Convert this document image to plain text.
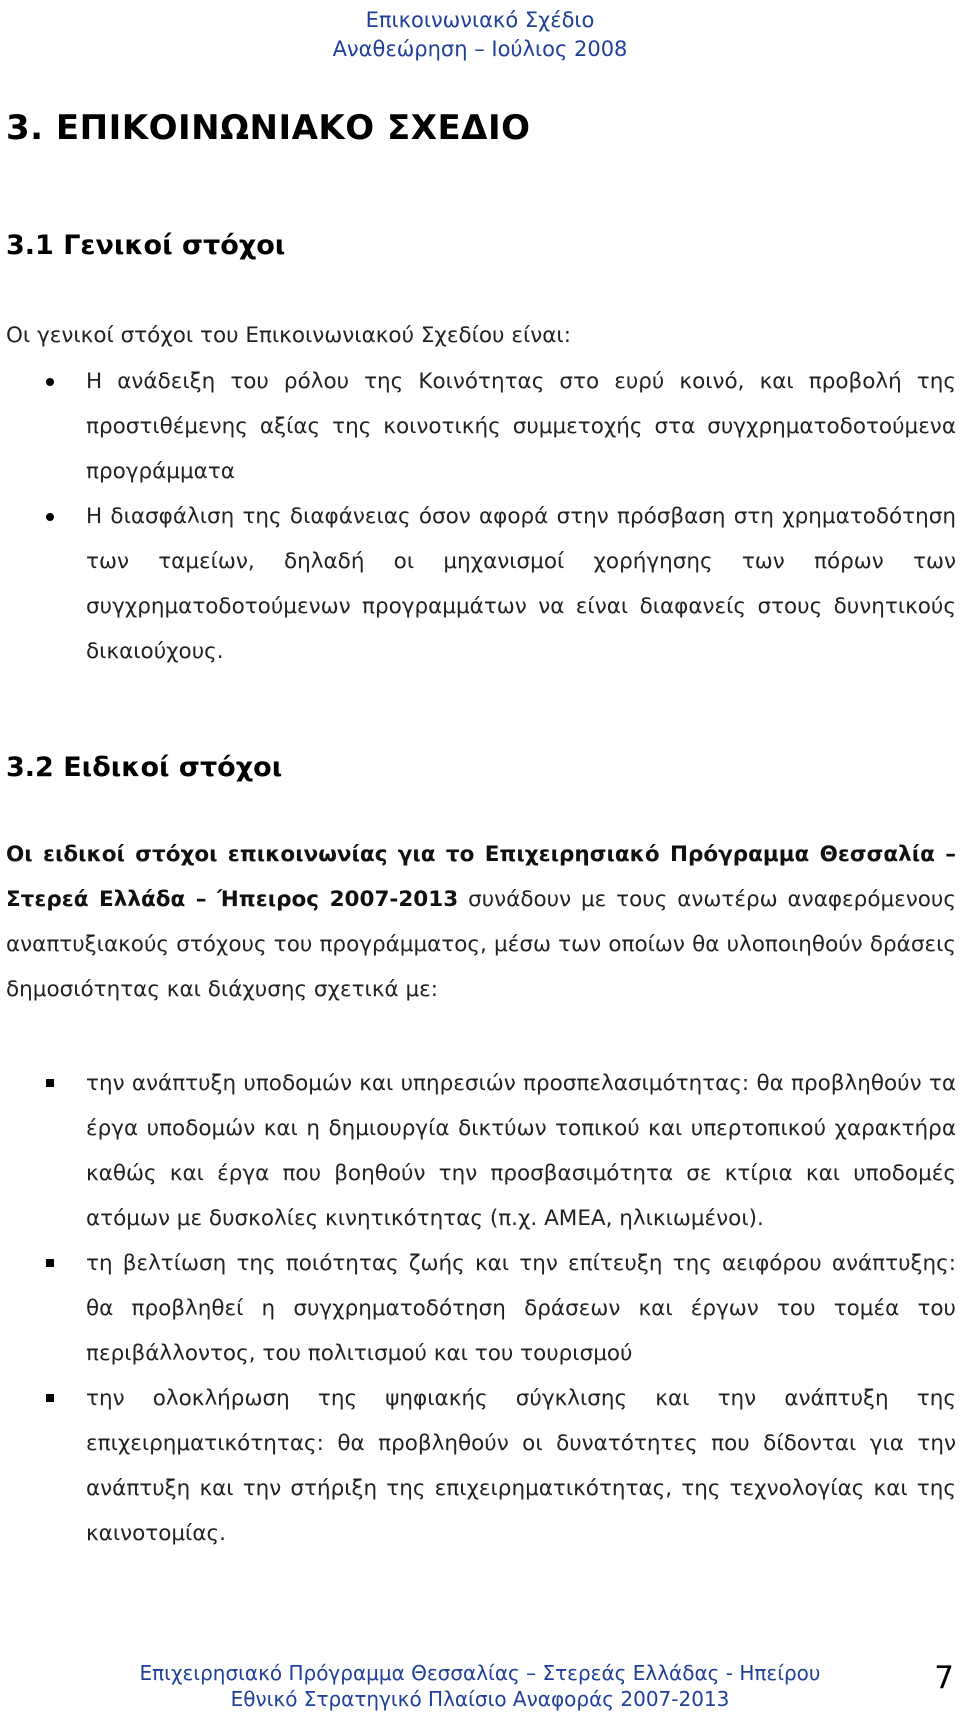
Επικοινωνιακό Σχέδιο
Αναθεώρηση – Ιούλιος 2008
3. ΕΠΙΚΟΙΝΩΝΙΑΚΟ ΣΧΕΔΙΟ
3.1 Γενικοί στόχοι

Οι γενικοί στόχοι του Επικοινωνιακού Σχεδίου είναι:

Η ανάδειξη του ρόλου της Κοινότητας στο ευρύ κοινό, και προβολή της προστιθέμενης αξίας της κοινοτικής συμμετοχής στα συγχρηματοδοτούμενα προγράμματα
Η διασφάλιση της διαφάνειας όσον αφορά στην πρόσβαση στη χρηματοδότηση των ταμείων, δηλαδή οι μηχανισμοί χορήγησης των πόρων των συγχρηματοδοτούμενων προγραμμάτων να είναι διαφανείς στους δυνητικούς δικαιούχους.
3.2 Ειδικοί στόχοι

Οι ειδικοί στόχοι επικοινωνίας για το Επιχειρησιακό Πρόγραμμα Θεσσαλία – Στερεά Ελλάδα – Ήπειρος 2007-2013 συνάδουν με τους ανωτέρω αναφερόμενους αναπτυξιακούς στόχους του προγράμματος, μέσω των οποίων θα υλοποιηθούν δράσεις δημοσιότητας και διάχυσης σχετικά με:

την ανάπτυξη υποδομών και υπηρεσιών προσπελασιμότητας: θα προβληθούν τα έργα υποδομών και η δημιουργία δικτύων τοπικού και υπερτοπικού χαρακτήρα καθώς και έργα που βοηθούν την προσβασιμότητα σε κτίρια και υποδομές ατόμων με δυσκολίες κινητικότητας (π.χ. ΑΜΕΑ, ηλικιωμένοι).
τη βελτίωση της ποιότητας ζωής και την επίτευξη της αειφόρου ανάπτυξης: θα προβληθεί η συγχρηματοδότηση δράσεων και έργων του τομέα του περιβάλλοντος, του πολιτισμού και του τουρισμού
την ολοκλήρωση της ψηφιακής σύγκλισης και την ανάπτυξη της επιχειρηματικότητας: θα προβληθούν οι δυνατότητες που δίδονται για την ανάπτυξη και την στήριξη της επιχειρηματικότητας, της τεχνολογίας και της καινοτομίας.
Επιχειρησιακό Πρόγραμμα Θεσσαλίας – Στερεάς Ελλάδας - Ηπείρου
Εθνικό Στρατηγικό Πλαίσιο Αναφοράς 2007-2013
7
